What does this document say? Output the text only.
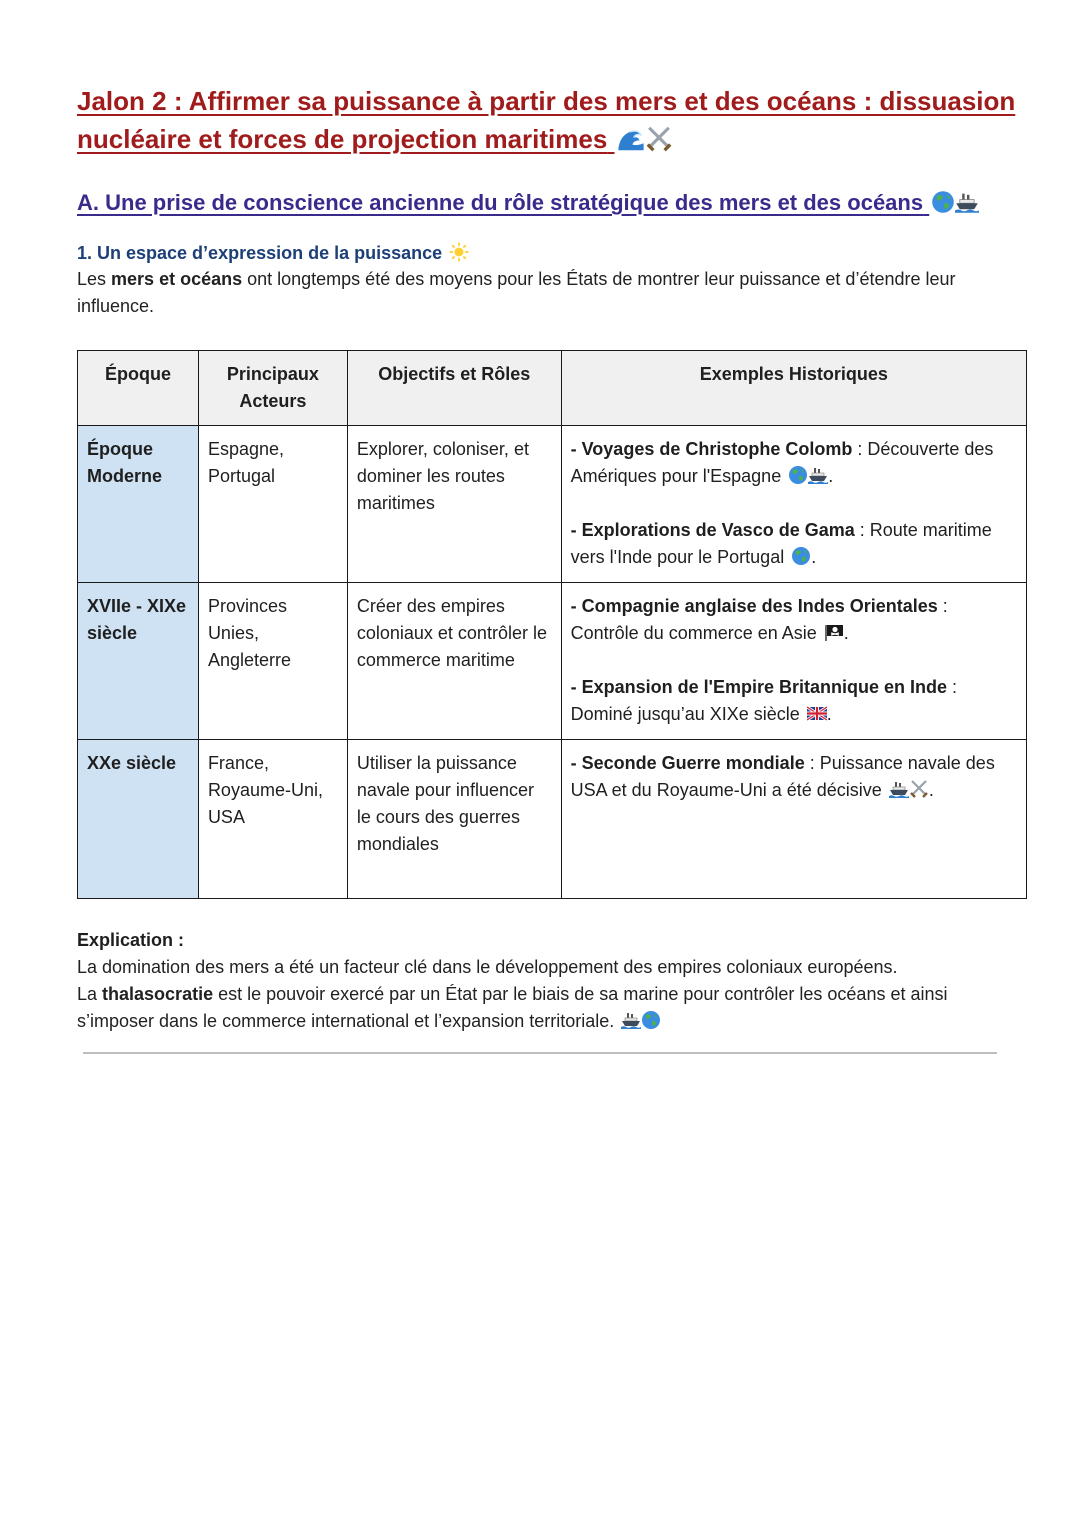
Jalon 2 : Affirmer sa puissance à partir des mers et des océans : dissuasion
nucléaire et forces de projection maritimes
A. Une prise de conscience ancienne du rôle stratégique des mers et des océans
1. Un espace d’expression de la puissance

Les mers et océans ont longtemps été des moyens pour les États de montrer leur puissance et d’étendre leur influence.

Époque	Principaux Acteurs	Objectifs et Rôles	Exemples Historiques
Époque Moderne	Espagne, Portugal	Explorer, coloniser, et dominer les routes maritimes	- Voyages de Christophe Colomb : Découverte des Amériques pour l'Espagne .

- Explorations de Vasco de Gama : Route maritime vers l'Inde pour le Portugal .

XVIIe - XIXe siècle	Provinces Unies, Angleterre	Créer des empires coloniaux et contrôler le commerce maritime	- Compagnie anglaise des Indes Orientales : Contrôle du commerce en Asie .

- Expansion de l'Empire Britannique en Inde : Dominé jusqu’au XIXe siècle .

XXe siècle	France, Royaume-Uni, USA	Utiliser la puissance navale pour influencer le cours des guerres mondiales	- Seconde Guerre mondiale : Puissance navale des USA et du Royaume-Uni a été décisive .

Explication :

La domination des mers a été un facteur clé dans le développement des empires coloniaux européens.

La thalasocratie est le pouvoir exercé par un État par le biais de sa marine pour contrôler les océans et ainsi s’imposer dans le commerce international et l’expansion territoriale.
